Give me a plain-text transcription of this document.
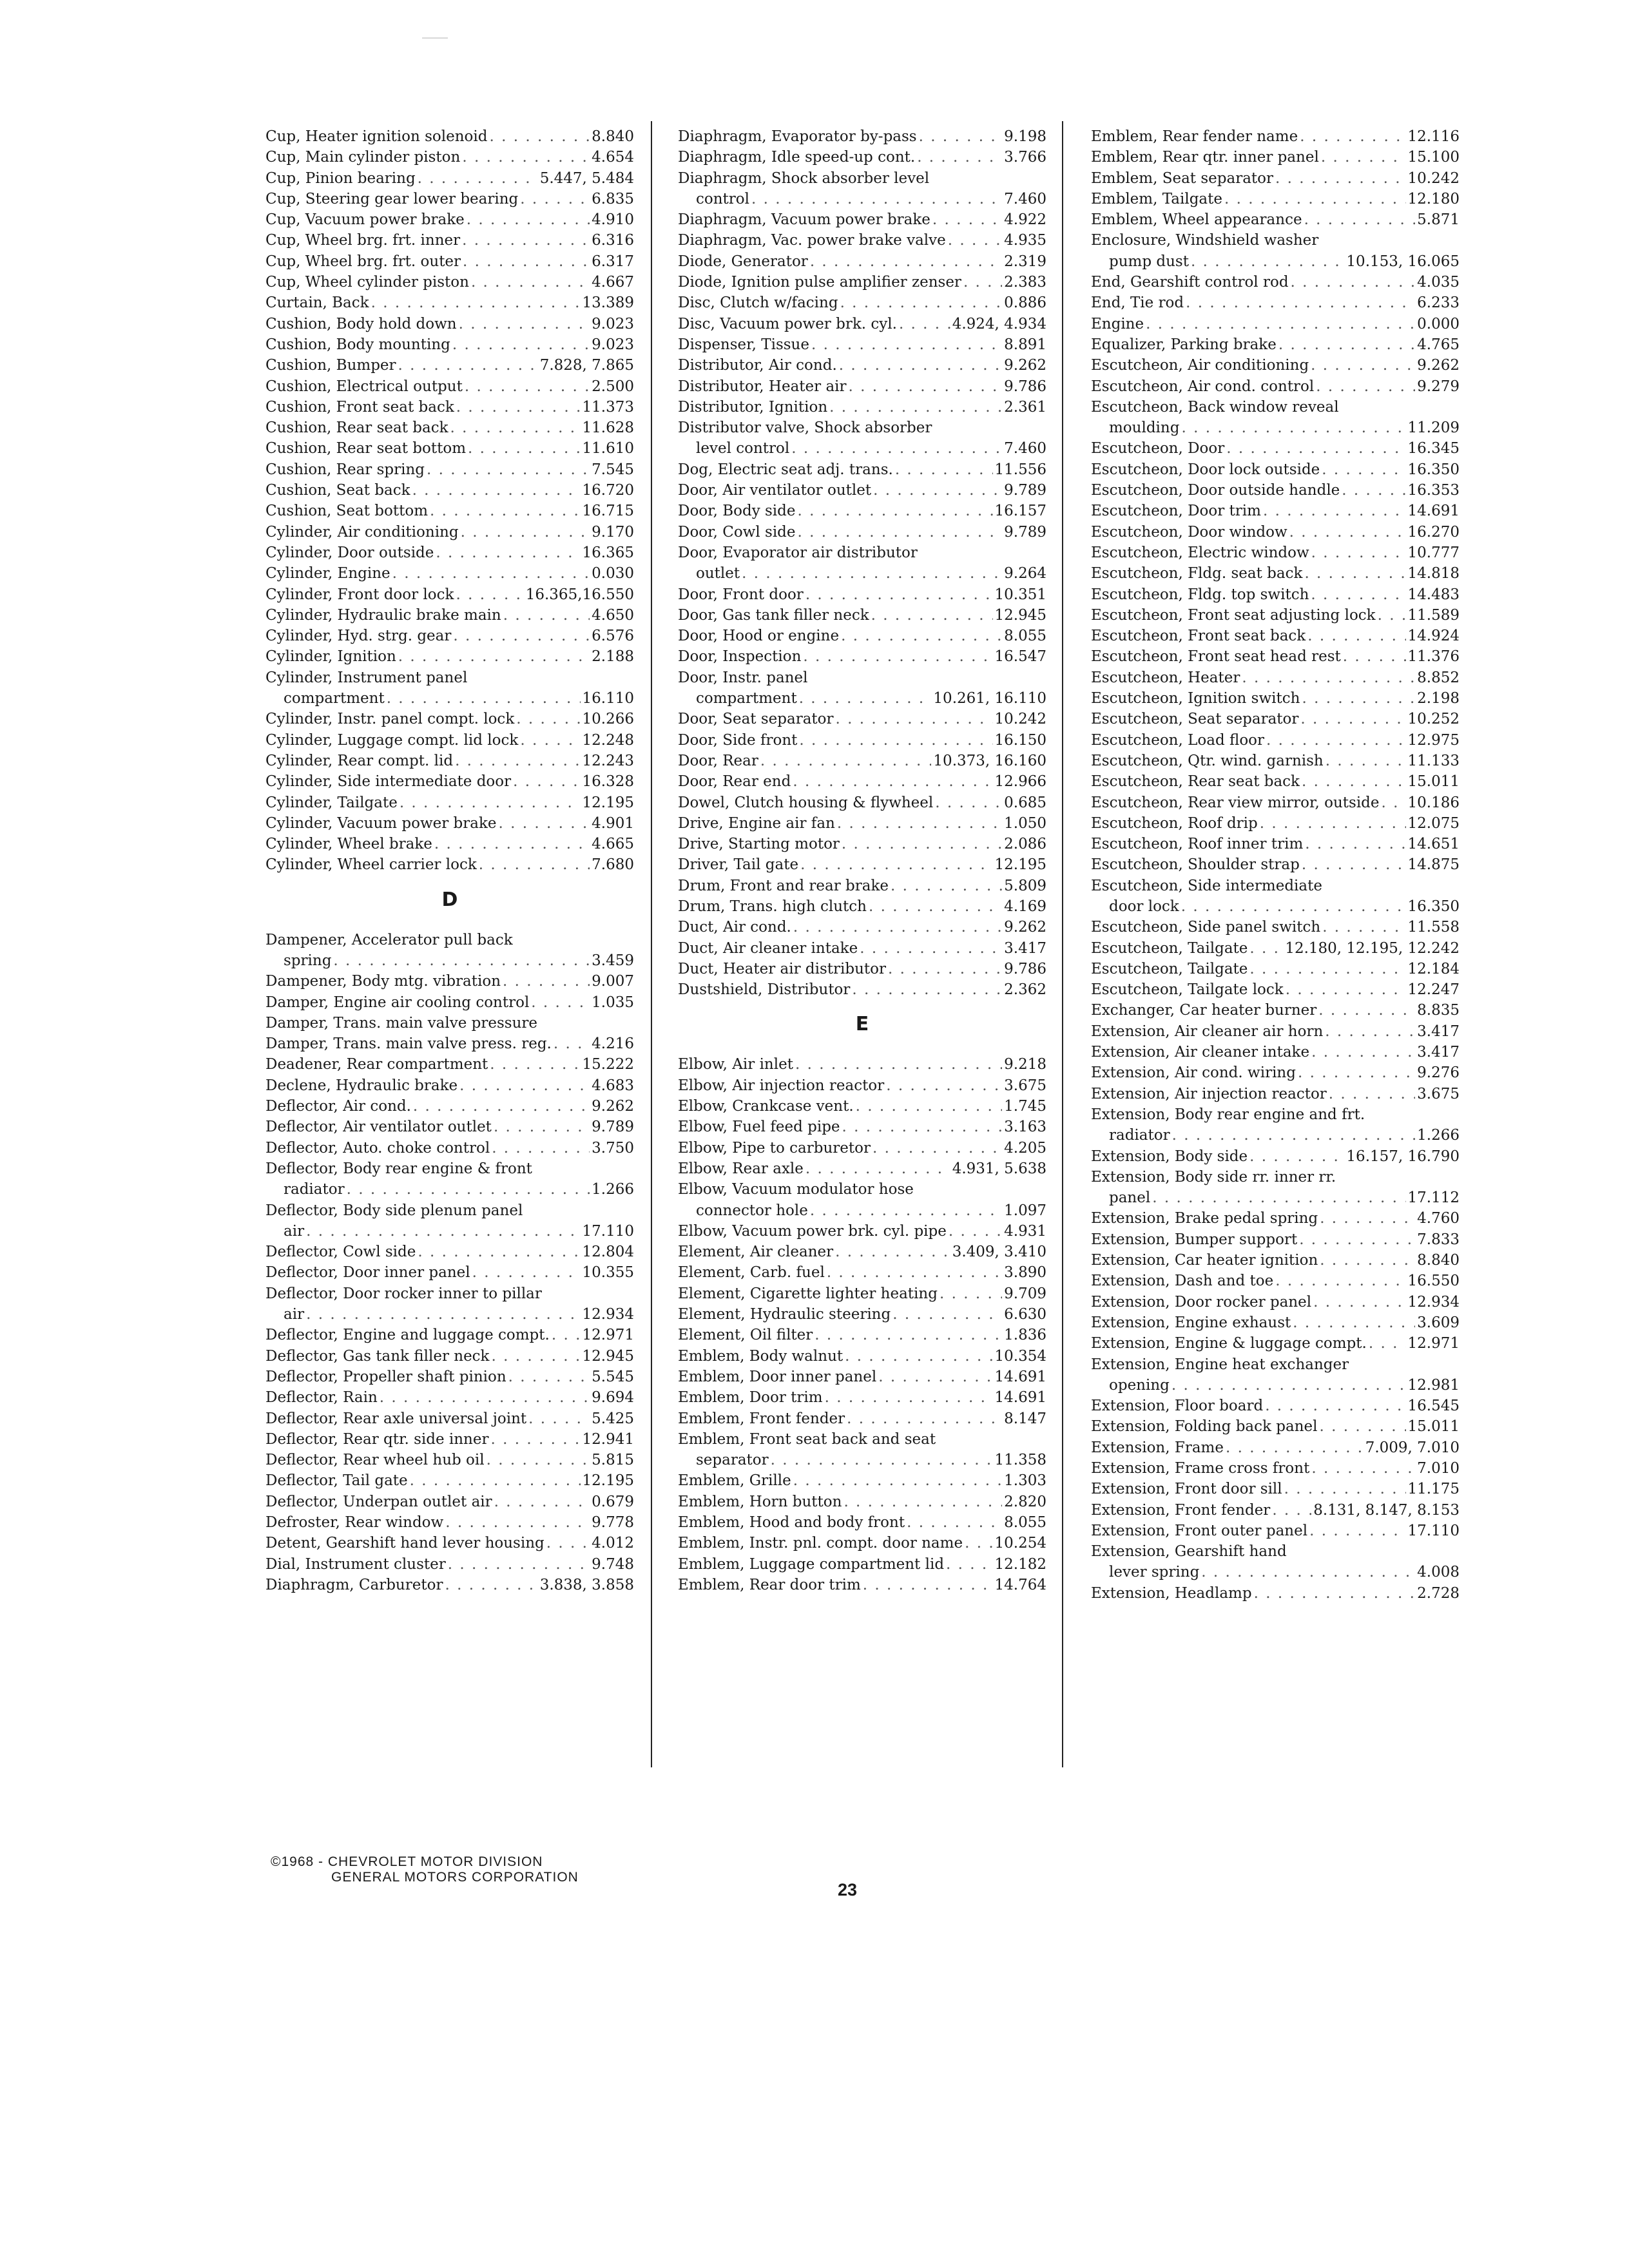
Cup, Heater ignition solenoid . . .	8.840
Cup, Main cylinder piston . . .	4.654
Cup, Pinion bearing . . .	5.447, 5.484
Cup, Steering gear lower bearing . . .	6.835
Cup, Vacuum power brake . . .	4.910
Cup, Wheel brg. frt. inner . . .	6.316
Cup, Wheel brg. frt. outer . . .	6.317
Cup, Wheel cylinder piston . . .	4.667
Curtain, Back . . .	13.389
Cushion, Body hold down . . .	9.023
Cushion, Body mounting . . .	9.023
Cushion, Bumper . . .	7.828, 7.865
Cushion, Electrical output . . .	2.500
Cushion, Front seat back . . .	11.373
Cushion, Rear seat back . . .	11.628
Cushion, Rear seat bottom . . .	11.610
Cushion, Rear spring . . .	7.545
Cushion, Seat back . . .	16.720
Cushion, Seat bottom . . .	16.715
Cylinder, Air conditioning . . .	9.170
Cylinder, Door outside . . .	16.365
Cylinder, Engine . . .	0.030
Cylinder, Front door lock . . .	16.365,16.550
Cylinder, Hydraulic brake main . . .	4.650
Cylinder, Hyd. strg. gear . . .	6.576
Cylinder, Ignition . . .	2.188
Cylinder, Instrument panel
compartment . . .	16.110
Cylinder, Instr. panel compt. lock . . .	10.266
Cylinder, Luggage compt. lid lock . . .	12.248
Cylinder, Rear compt. lid . . .	12.243
Cylinder, Side intermediate door . . .	16.328
Cylinder, Tailgate . . .	12.195
Cylinder, Vacuum power brake . . .	4.901
Cylinder, Wheel brake . . .	4.665
Cylinder, Wheel carrier lock . . .	7.680
D
Dampener, Accelerator pull back
spring . . .	3.459
Dampener, Body mtg. vibration . . .	9.007
Damper, Engine air cooling control . . .	1.035
Damper, Trans. main valve pressure
Damper, Trans. main valve press. reg. . . .	4.216
Deadener, Rear compartment . . .	15.222
Declene, Hydraulic brake . . .	4.683
Deflector, Air cond. . . .	9.262
Deflector, Air ventilator outlet . . .	9.789
Deflector, Auto. choke control . . .	3.750
Deflector, Body rear engine & front
radiator . . .	1.266
Deflector, Body side plenum panel
air . . .	17.110
Deflector, Cowl side . . .	12.804
Deflector, Door inner panel . . .	10.355
Deflector, Door rocker inner to pillar
air . . .	12.934
Deflector, Engine and luggage compt. . . . 12.971
Deflector, Gas tank filler neck . . .	12.945
Deflector, Propeller shaft pinion . . .	5.545
Deflector, Rain . . .	9.694
Deflector, Rear axle universal joint . . .	5.425
Deflector, Rear qtr. side inner . . .	12.941
Deflector, Rear wheel hub oil . . .	5.815
Deflector, Tail gate . . .	12.195
Deflector, Underpan outlet air . . .	0.679
Defroster, Rear window . . .	9.778
Detent, Gearshift hand lever housing . . .	4.012
Dial, Instrument cluster . . .	9.748
Diaphragm, Carburetor . . .	3.838, 3.858
Diaphragm, Evaporator by-pass . . .	9.198
Diaphragm, Idle speed-up cont. . . .	3.766
Diaphragm, Shock absorber level
control . . .	7.460
Diaphragm, Vacuum power brake . . .	4.922
Diaphragm, Vac. power brake valve . . .	4.935
Diode, Generator . . .	2.319
Diode, Ignition pulse amplifier zenser . . .	2.383
Disc, Clutch w/facing . . .	0.886
Disc, Vacuum power brk. cyl. . . .	4.924, 4.934
Dispenser, Tissue . . .	8.891
Distributor, Air cond. . . .	9.262
Distributor, Heater air . . .	9.786
Distributor, Ignition . . .	2.361
Distributor valve, Shock absorber
level control . . .	7.460
Dog, Electric seat adj. trans. . . .	11.556
Door, Air ventilator outlet . . .	9.789
Door, Body side . . .	16.157
Door, Cowl side . . .	9.789
Door, Evaporator air distributor
outlet . . .	9.264
Door, Front door . . .	10.351
Door, Gas tank filler neck . . .	12.945
Door, Hood or engine . . .	8.055
Door, Inspection . . .	16.547
Door, Instr. panel
compartment . . .	10.261, 16.110
Door, Seat separator . . .	10.242
Door, Side front . . .	16.150
Door, Rear . . .	10.373, 16.160
Door, Rear end . . .	12.966
Dowel, Clutch housing & flywheel . . .	0.685
Drive, Engine air fan . . .	1.050
Drive, Starting motor . . .	2.086
Driver, Tail gate . . .	12.195
Drum, Front and rear brake . . .	5.809
Drum, Trans. high clutch . . .	4.169
Duct, Air cond. . . .	9.262
Duct, Air cleaner intake . . .	3.417
Duct, Heater air distributor . . .	9.786
Dustshield, Distributor . . .	2.362
E
Elbow, Air inlet . . .	9.218
Elbow, Air injection reactor . . .	3.675
Elbow, Crankcase vent. . . .	1.745
Elbow, Fuel feed pipe . . .	3.163
Elbow, Pipe to carburetor . . .	4.205
Elbow, Rear axle . . .	4.931, 5.638
Elbow, Vacuum modulator hose
connector hole . . .	1.097
Elbow, Vacuum power brk. cyl. pipe . . .	4.931
Element, Air cleaner . . .	3.409, 3.410
Element, Carb. fuel . . .	3.890
Element, Cigarette lighter heating . . .	9.709
Element, Hydraulic steering . . .	6.630
Element, Oil filter . . .	1.836
Emblem, Body walnut . . .	10.354
Emblem, Door inner panel . . .	14.691
Emblem, Door trim . . .	14.691
Emblem, Front fender . . .	8.147
Emblem, Front seat back and seat
separator . . .	11.358
Emblem, Grille . . .	1.303
Emblem, Horn button . . .	2.820
Emblem, Hood and body front . . .	8.055
Emblem, Instr. pnl. compt. door name . . . 10.254
Emblem, Luggage compartment lid . . .	12.182
Emblem, Rear door trim . . .	14.764
Emblem, Rear fender name . . .	12.116
Emblem, Rear qtr. inner panel . . .	15.100
Emblem, Seat separator . . .	10.242
Emblem, Tailgate . . .	12.180
Emblem, Wheel appearance . . .	5.871
Enclosure, Windshield washer
pump dust . . .	10.153, 16.065
End, Gearshift control rod . . .	4.035
End, Tie rod . . .	6.233
Engine . . .	0.000
Equalizer, Parking brake . . .	4.765
Escutcheon, Air conditioning . . .	9.262
Escutcheon, Air cond. control . . .	9.279
Escutcheon, Back window reveal
moulding . . .	11.209
Escutcheon, Door . . .	16.345
Escutcheon, Door lock outside . . .	16.350
Escutcheon, Door outside handle . . .	16.353
Escutcheon, Door trim . . .	14.691
Escutcheon, Door window . . .	16.270
Escutcheon, Electric window . . .	10.777
Escutcheon, Fldg. seat back . . .	14.818
Escutcheon, Fldg. top switch . . .	14.483
Escutcheon, Front seat adjusting lock . . . 11.589
Escutcheon, Front seat back . . .	14.924
Escutcheon, Front seat head rest . . .	11.376
Escutcheon, Heater . . .	8.852
Escutcheon, Ignition switch . . .	2.198
Escutcheon, Seat separator . . .	10.252
Escutcheon, Load floor . . .	12.975
Escutcheon, Qtr. wind. garnish . . .	11.133
Escutcheon, Rear seat back . . .	15.011
Escutcheon, Rear view mirror, outside . . . 10.186
Escutcheon, Roof drip . . .	12.075
Escutcheon, Roof inner trim . . .	14.651
Escutcheon, Shoulder strap . . .	14.875
Escutcheon, Side intermediate
door lock . . .	16.350
Escutcheon, Side panel switch . . .	11.558
Escutcheon, Tailgate . . .	12.180, 12.195, 12.242
Escutcheon, Tailgate . . .	12.184
Escutcheon, Tailgate lock . . .	12.247
Exchanger, Car heater burner . . .	8.835
Extension, Air cleaner air horn . . .	3.417
Extension, Air cleaner intake . . .	3.417
Extension, Air cond. wiring . . .	9.276
Extension, Air injection reactor . . .	3.675
Extension, Body rear engine and frt.
radiator . . .	1.266
Extension, Body side . . .	16.157, 16.790
Extension, Body side rr. inner rr.
panel . . .	17.112
Extension, Brake pedal spring . . .	4.760
Extension, Bumper support . . .	7.833
Extension, Car heater ignition . . .	8.840
Extension, Dash and toe . . .	16.550
Extension, Door rocker panel . . .	12.934
Extension, Engine exhaust . . .	3.609
Extension, Engine & luggage compt. . . .	12.971
Extension, Engine heat exchanger
opening . . .	12.981
Extension, Floor board . . .	16.545
Extension, Folding back panel . . .	15.011
Extension, Frame . . .	7.009, 7.010
Extension, Frame cross front . . .	7.010
Extension, Front door sill . . .	11.175
Extension, Front fender . . .	8.131, 8.147, 8.153
Extension, Front outer panel . . .	17.110
Extension, Gearshift hand
lever spring . . .	4.008
Extension, Headlamp . . .	2.728
©1968 - CHEVROLET MOTOR DIVISION
GENERAL MOTORS CORPORATION
23
